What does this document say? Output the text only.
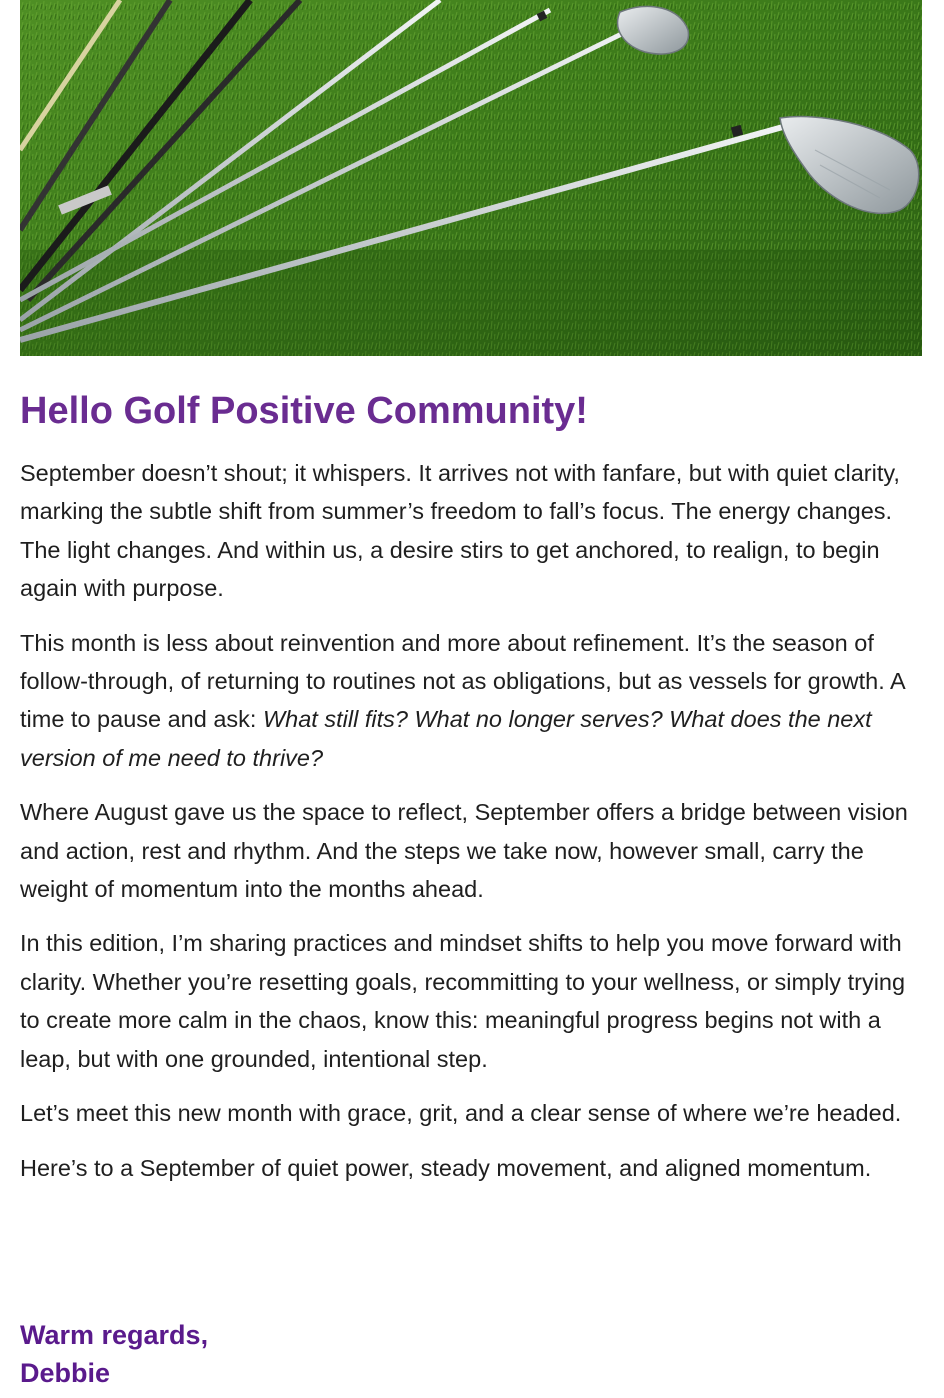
Hello Golf Positive Community!

September doesn’t shout; it whispers. It arrives not with fanfare, but with quiet clarity, marking the subtle shift from summer’s freedom to fall’s focus. The energy changes. The light changes. And within us, a desire stirs to get anchored, to realign, to begin again with purpose.

This month is less about reinvention and more about refinement. It’s the season of follow-through, of returning to routines not as obligations, but as vessels for growth. A time to pause and ask: What still fits? What no longer serves? What does the next version of me need to thrive?

Where August gave us the space to reflect, September offers a bridge between vision and action, rest and rhythm. And the steps we take now, however small, carry the weight of momentum into the months ahead.

In this edition, I’m sharing practices and mindset shifts to help you move forward with clarity. Whether you’re resetting goals, recommitting to your wellness, or simply trying to create more calm in the chaos, know this: meaningful progress begins not with a leap, but with one grounded, intentional step.

Let’s meet this new month with grace, grit, and a clear sense of where we’re headed.

Here’s to a September of quiet power, steady movement, and aligned momentum.

Warm regards,
Debbie
